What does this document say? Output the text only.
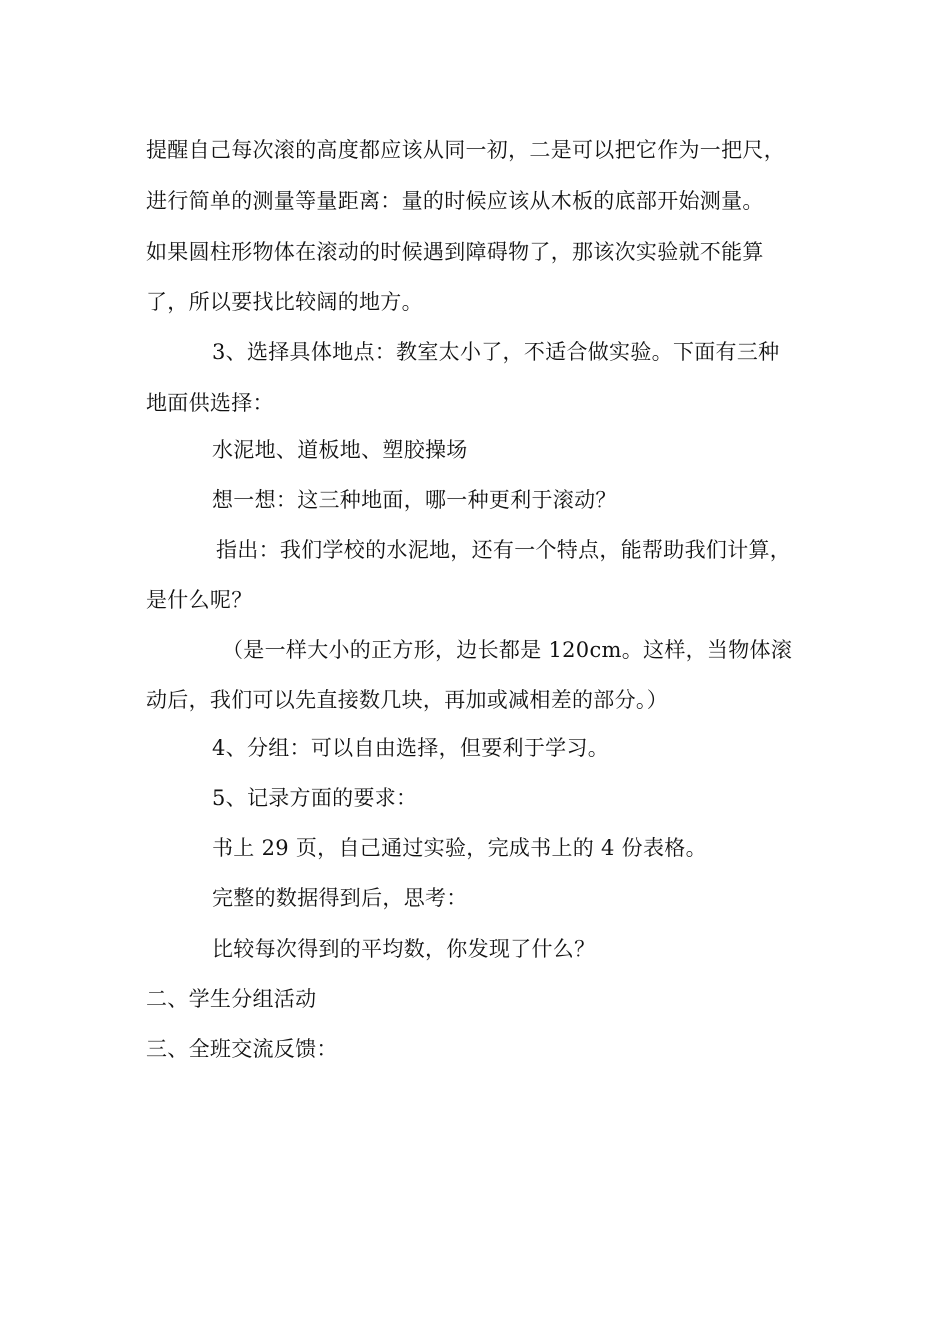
提醒自己每次滚的高度都应该从同一初，二是可以把它作为一把尺，
进行简单的测量等量距离：量的时候应该从木板的底部开始测量。
如果圆柱形物体在滚动的时候遇到障碍物了，那该次实验就不能算
了，所以要找比较阔的地方。
3、选择具体地点：教室太小了，不适合做实验。下面有三种
地面供选择：
水泥地、道板地、塑胶操场
想一想：这三种地面，哪一种更利于滚动？
指出：我们学校的水泥地，还有一个特点，能帮助我们计算，
是什么呢？
（是一样大小的正方形，边长都是 120cm。这样，当物体滚
动后，我们可以先直接数几块，再加或减相差的部分。）
4、分组：可以自由选择，但要利于学习。
5、记录方面的要求：
书上 29 页，自己通过实验，完成书上的 4 份表格。
完整的数据得到后，思考：
比较每次得到的平均数，你发现了什么？
二、学生分组活动
三、全班交流反馈：
